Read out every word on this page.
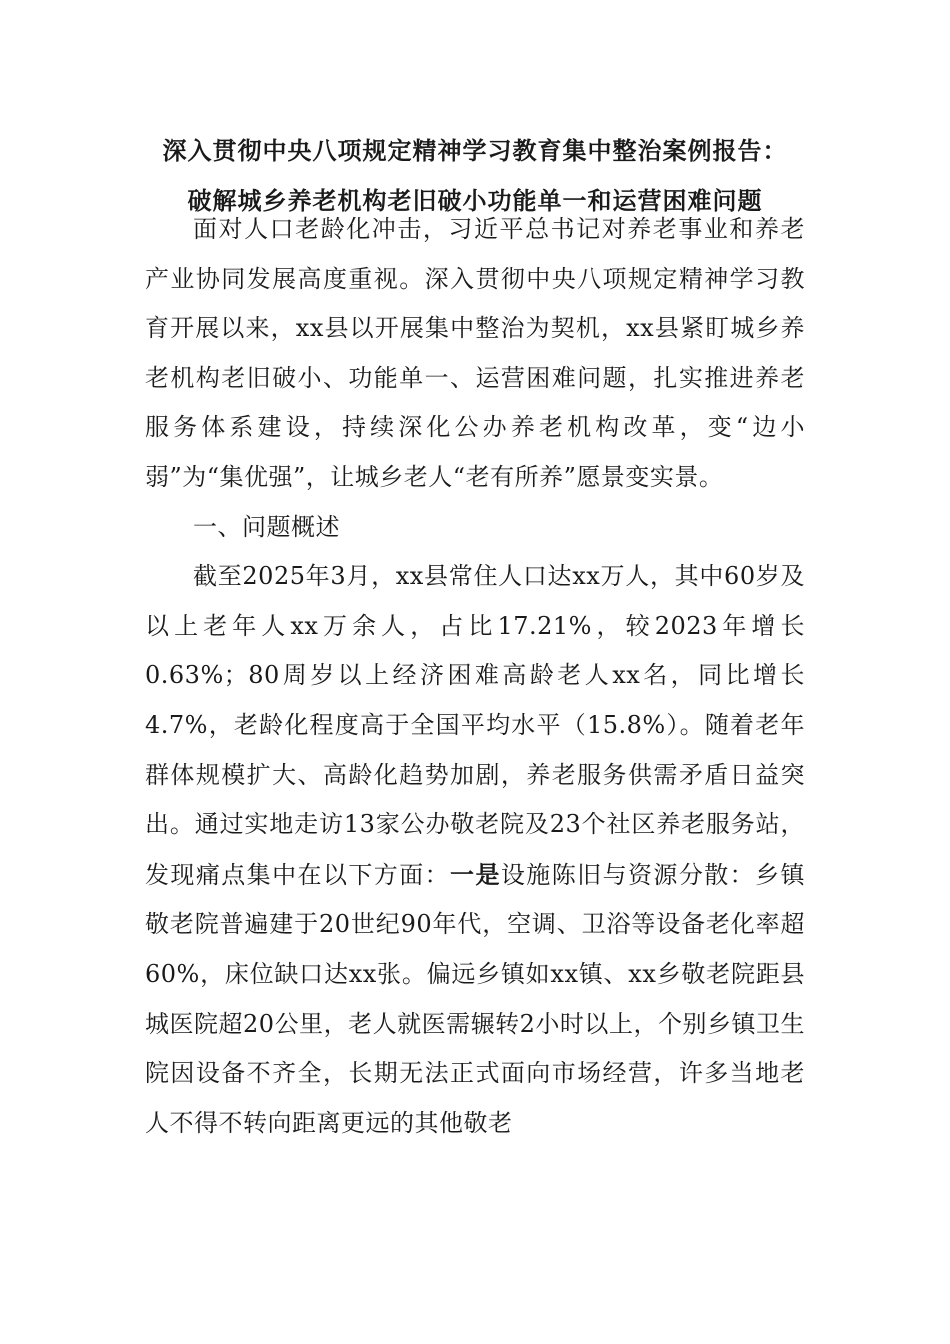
深入贯彻中央八项规定精神学习教育集中整治案例报告：
破解城乡养老机构老旧破小功能单一和运营困难问题

面对人口老龄化冲击，习近平总书记对养老事业和养老产业协同发展高度重视。深入贯彻中央八项规定精神学习教育开展以来，xx县以开展集中整治为契机，xx县紧盯城乡养老机构老旧破小、功能单一、运营困难问题，扎实推进养老服务体系建设，持续深化公办养老机构改革，变“边小弱”为“集优强”，让城乡老人“老有所养”愿景变实景。

一、问题概述

截至2025年3月，xx县常住人口达xx万人，其中60岁及以上老年人xx万余人，占比17.21%，较2023年增长0.63%；80周岁以上经济困难高龄老人xx名，同比增长4.7%，老龄化程度高于全国平均水平（15.8%）。随着老年群体规模扩大、高龄化趋势加剧，养老服务供需矛盾日益突出。通过实地走访13家公办敬老院及23个社区养老服务站，发现痛点集中在以下方面：一是设施陈旧与资源分散：乡镇敬老院普遍建于20世纪90年代，空调、卫浴等设备老化率超60%，床位缺口达xx张。偏远乡镇如xx镇、xx乡敬老院距县城医院超20公里，老人就医需辗转2小时以上，个别乡镇卫生院因设备不齐全，长期无法正式面向市场经营，许多当地老人不得不转向距离更远的其他敬老
